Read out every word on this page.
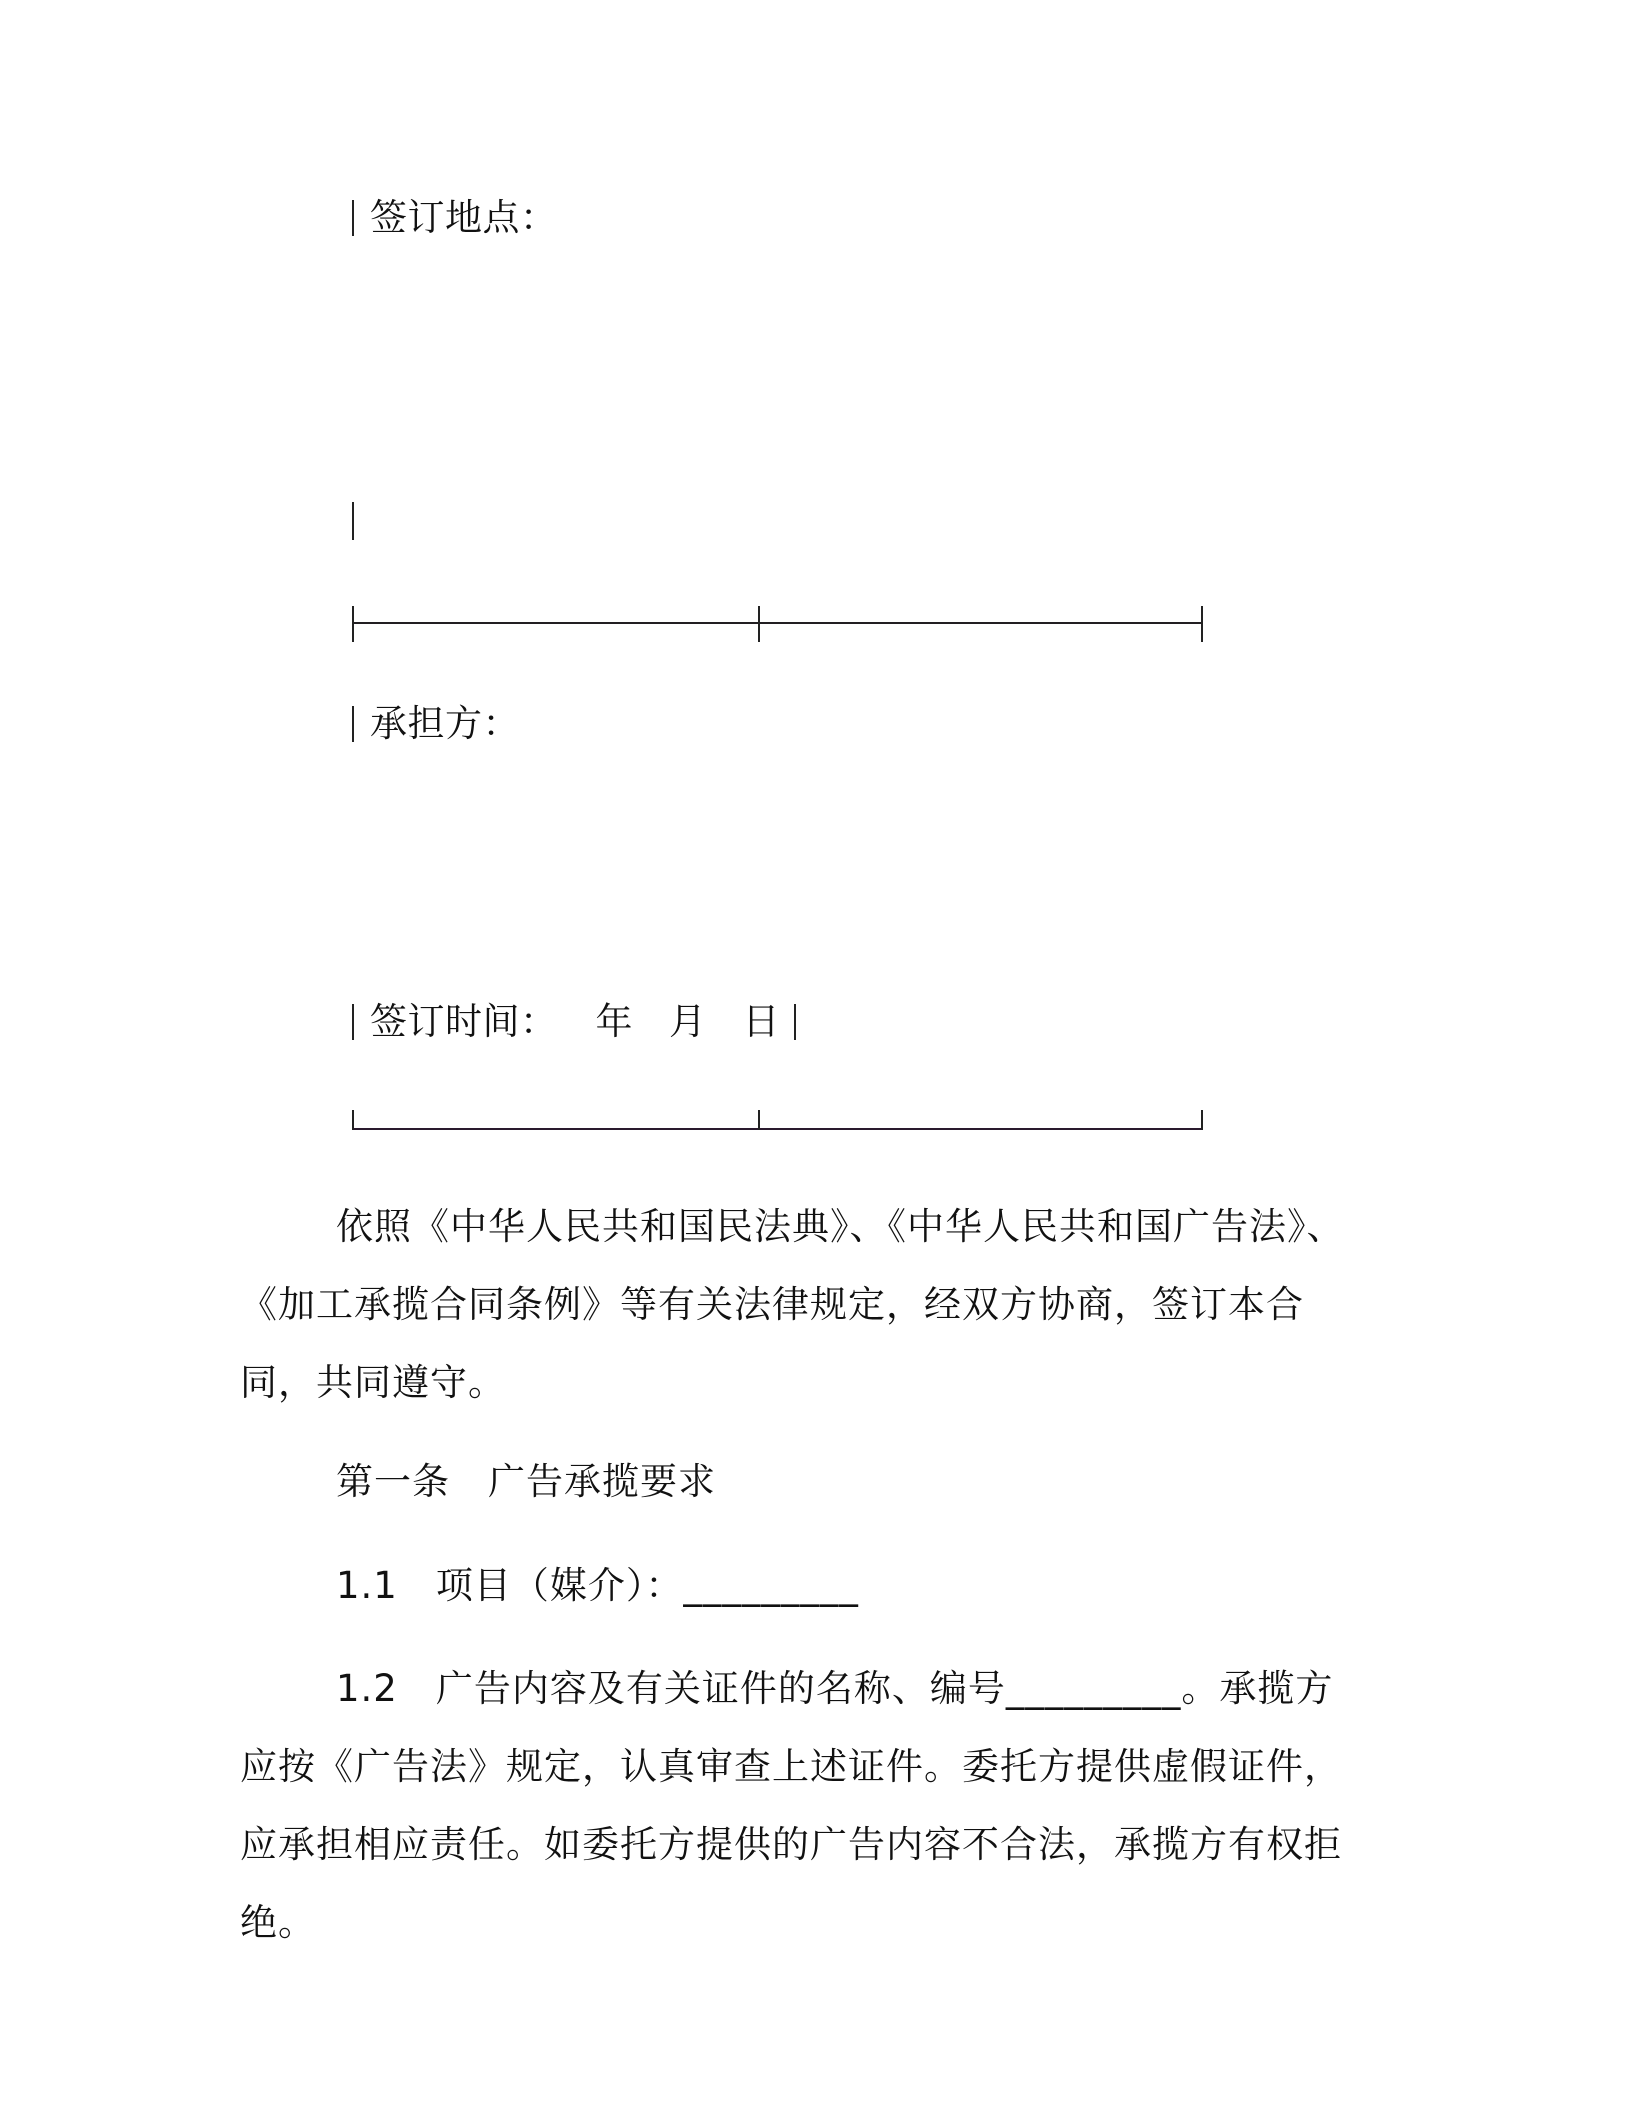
签订地点：
承担方：
签订时间： 年 月 日

依照《中华人民共和国民法典》、《中华人民共和国广告法》、《加工承揽合同条例》等有关法律规定，经双方协商，签订本合同，共同遵守。

第一条 广告承揽要求
1.1 项目（媒介）：_________

1.2 广告内容及有关证件的名称、编号_________。承揽方应按《广告法》规定，认真审查上述证件。委托方提供虚假证件，应承担相应责任。如委托方提供的广告内容不合法，承揽方有权拒绝。
